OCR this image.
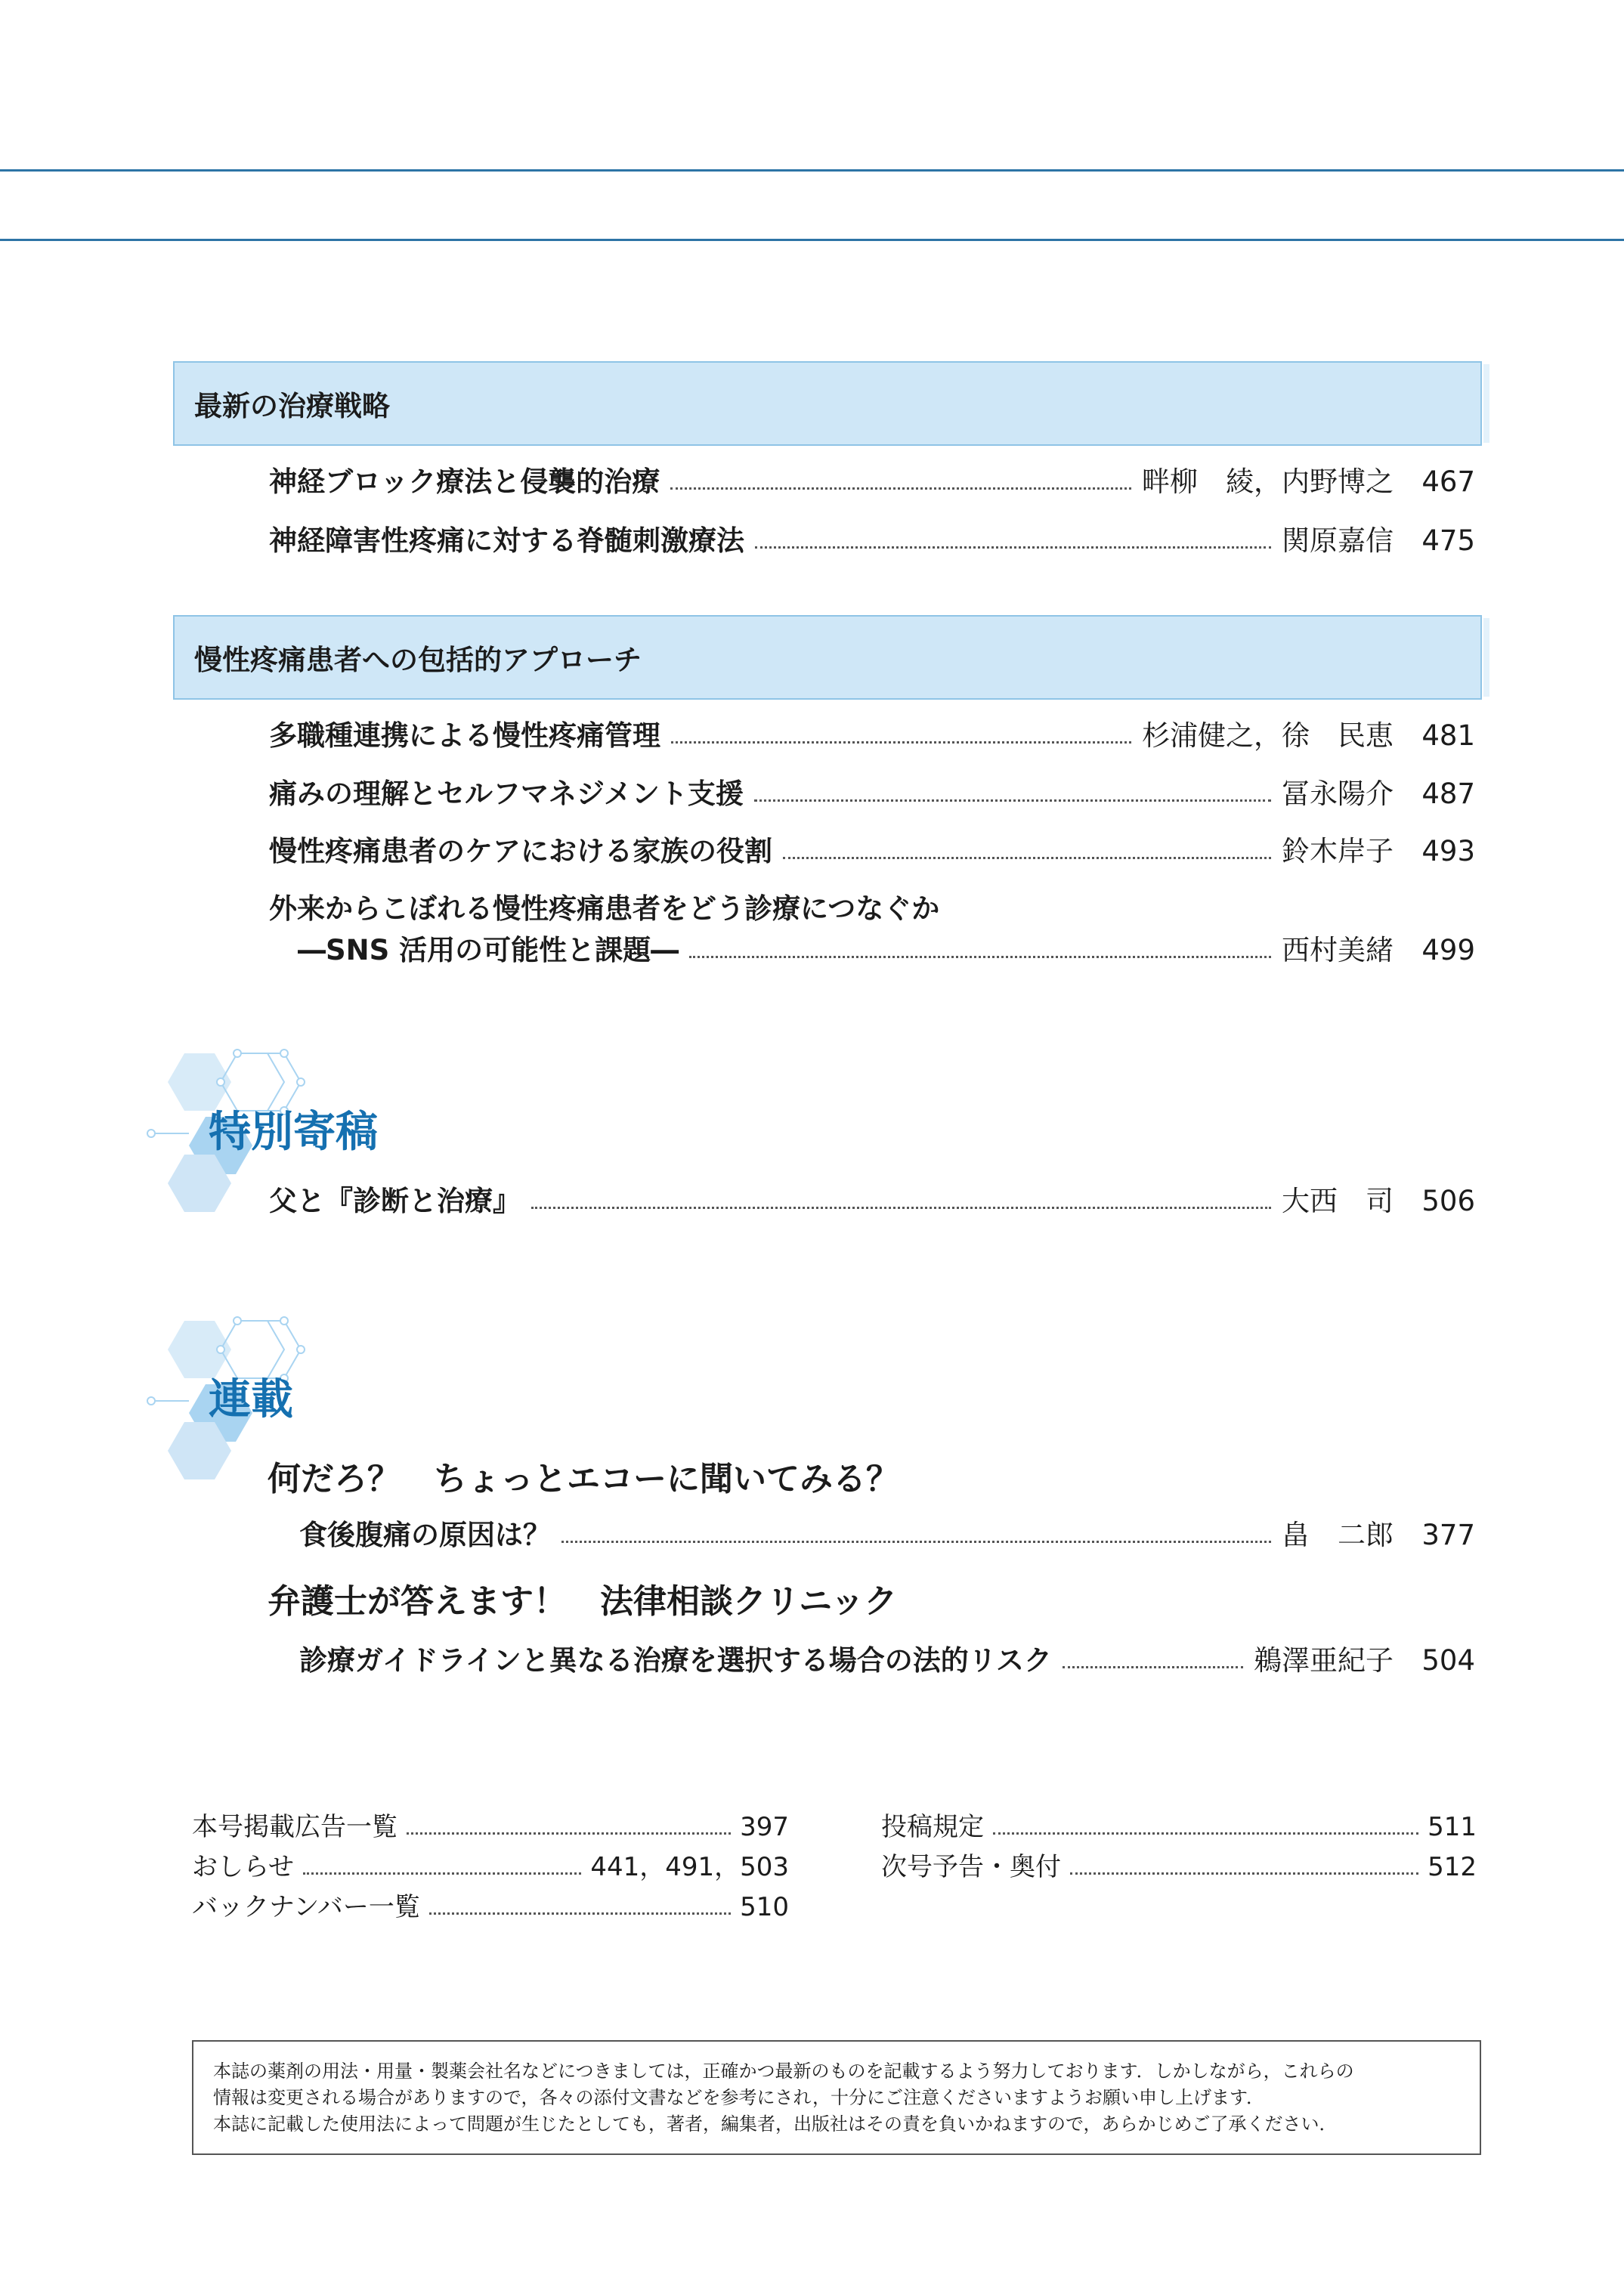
最新の治療戦略
神経ブロック療法と侵襲的治療	畔柳　綾，内野博之	467
神経障害性疼痛に対する脊髄刺激療法	関原嘉信	475
慢性疼痛患者への包括的アプローチ
多職種連携による慢性疼痛管理	杉浦健之，徐　民恵	481
痛みの理解とセルフマネジメント支援	冨永陽介	487
慢性疼痛患者のケアにおける家族の役割	鈴木岸子	493
外来からこぼれる慢性疼痛患者をどう診療につなぐか
―SNS 活用の可能性と課題―	西村美緒	499
特別寄稿
父と『診断と治療』	大西　司	506
連載
何だろ？　ちょっとエコーに聞いてみる？
食後腹痛の原因は？	畠　二郎	377
弁護士が答えます！　法律相談クリニック
診療ガイドラインと異なる治療を選択する場合の法的リスク	鵜澤亜紀子	504
本号掲載広告一覧	397
おしらせ	441，491，503
バックナンバー一覧	510
投稿規定	511
次号予告・奥付	512
本誌の薬剤の用法・用量・製薬会社名などにつきましては，正確かつ最新のものを記載するよう努力しております．しかしながら，これらの
情報は変更される場合がありますので，各々の添付文書などを参考にされ，十分にご注意くださいますようお願い申し上げます．
本誌に記載した使用法によって問題が生じたとしても，著者，編集者，出版社はその責を負いかねますので，あらかじめご了承ください．
